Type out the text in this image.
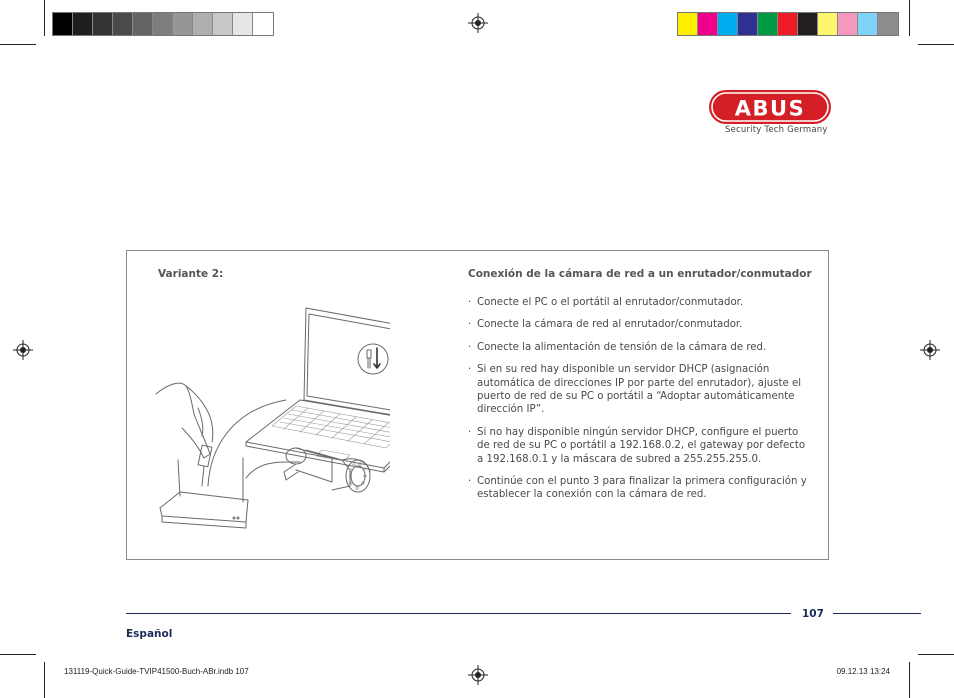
ABUS
Security Tech Germany
Variante 2:	Conexión de la cámara de red a un enrutador/conmutador
· Conecte el PC o el portátil al enrutador/conmutador.
· Conecte la cámara de red al enrutador/conmutador.
· Conecte la alimentación de tensión de la cámara de red.
· Si en su red hay disponible un servidor DHCP (asignación automática de direcciones IP por parte del enrutador), ajuste el puerto de red de su PC o portátil a “Adoptar automáticamente dirección IP”.
· Si no hay disponible ningún servidor DHCP, configure el puerto de red de su PC o portátil a 192.168.0.2, el gateway por defecto a 192.168.0.1 y la máscara de subred a 255.255.255.0.
· Continúe con el punto 3 para finalizar la primera configuración y establecer la conexión con la cámara de red.
107
Español
131119-Quick-Guide-TVIP41500-Buch-ABr.indb 107	09.12.13 13:24
